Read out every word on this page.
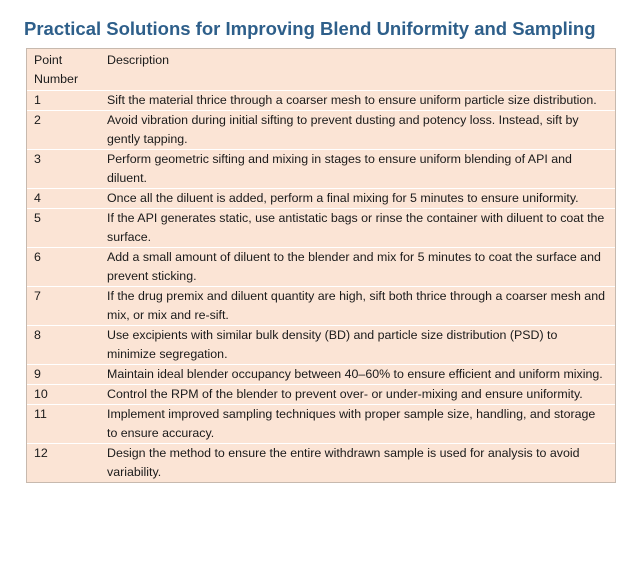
Practical Solutions for Improving Blend Uniformity and Sampling
Point Number	Description
1	Sift the material thrice through a coarser mesh to ensure uniform particle size distribution.
2	Avoid vibration during initial sifting to prevent dusting and potency loss. Instead, sift by gently tapping.
3	Perform geometric sifting and mixing in stages to ensure uniform blending of API and diluent.
4	Once all the diluent is added, perform a final mixing for 5 minutes to ensure uniformity.
5	If the API generates static, use antistatic bags or rinse the container with diluent to coat the surface.
6	Add a small amount of diluent to the blender and mix for 5 minutes to coat the surface and prevent sticking.
7	If the drug premix and diluent quantity are high, sift both thrice through a coarser mesh and mix, or mix and re-sift.
8	Use excipients with similar bulk density (BD) and particle size distribution (PSD) to minimize segregation.
9	Maintain ideal blender occupancy between 40–60% to ensure efficient and uniform mixing.
10	Control the RPM of the blender to prevent over- or under-mixing and ensure uniformity.
11	Implement improved sampling techniques with proper sample size, handling, and storage to ensure accuracy.
12	Design the method to ensure the entire withdrawn sample is used for analysis to avoid variability.
